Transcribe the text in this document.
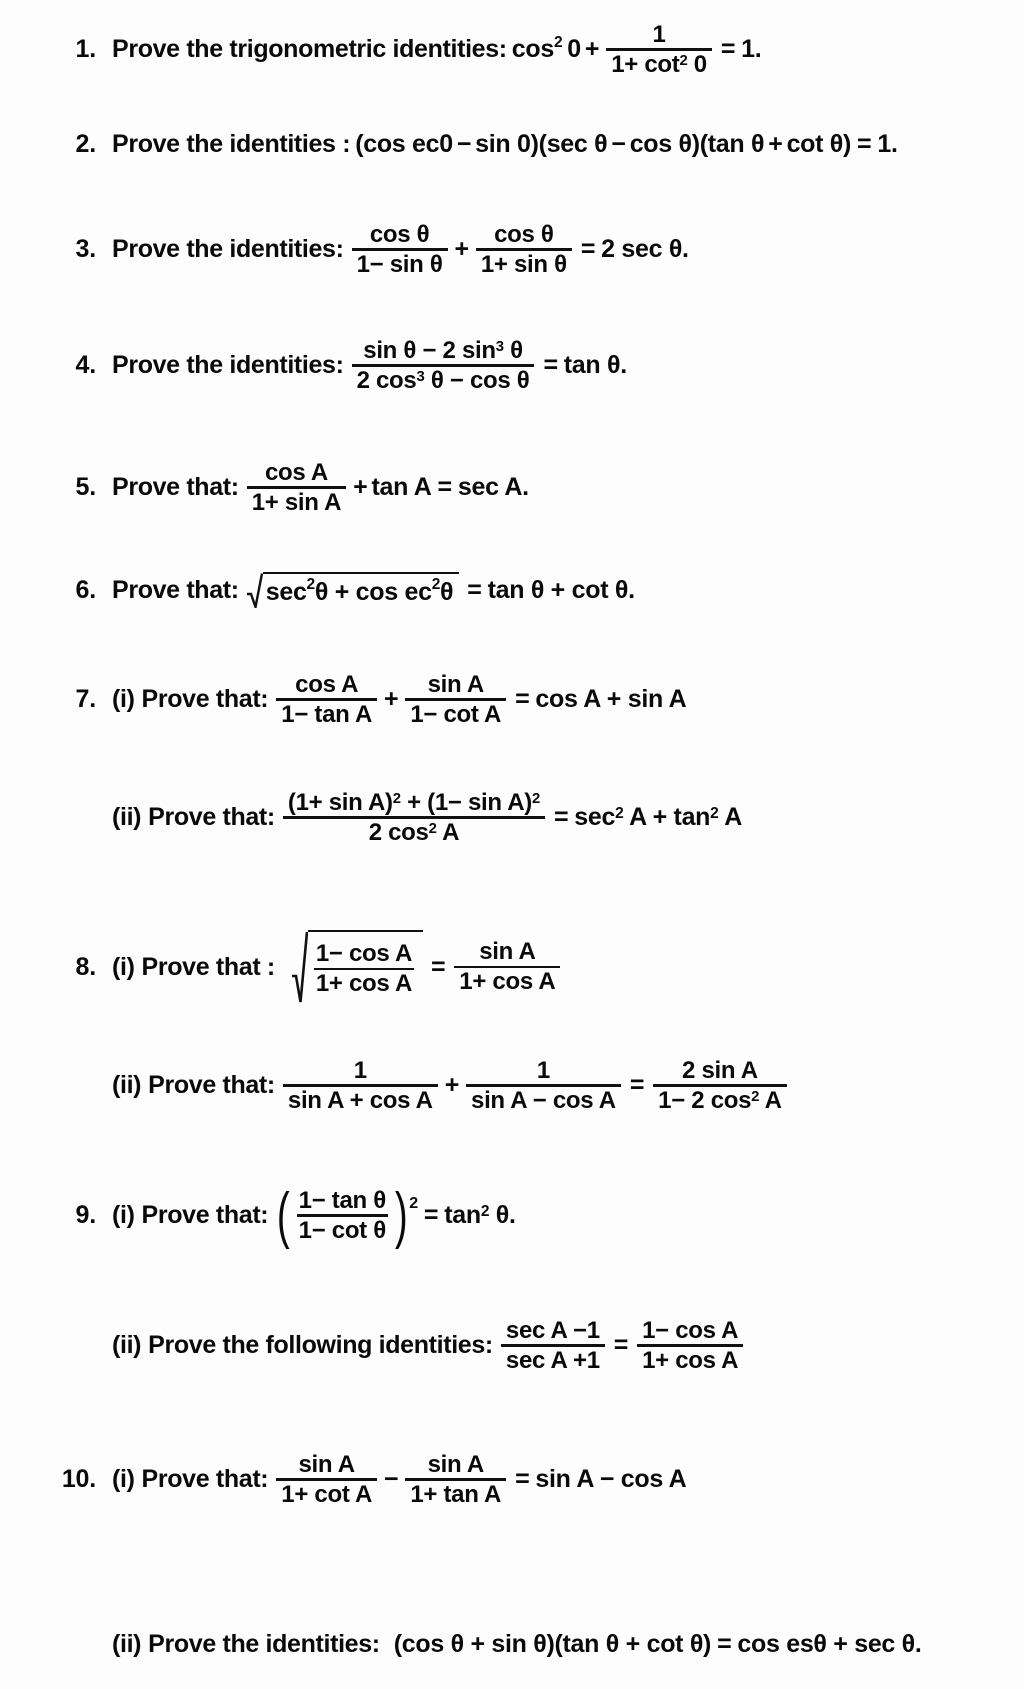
1. Prove the trigonometric identities: cos 2 $0 + \frac{1}{1+ \cot^2 0} = 1$.
2. Prove the identities : (cos ec0 − sin 0)(sec θ − cos θ)(tan θ + cot θ) = 1.
3. Prove the identities: $\frac{\text{cos θ}}{\text{1− sin θ}} + \frac{\text{cos θ}}{\text{1+ sin θ}} = 2$ sec θ.
4. Prove the identities: $\frac{\sin \theta - 2 \sin^3 \theta}{2 \cos^3 \theta - \cos \theta} = \tan \theta$.
5. Prove that: $\frac{\text{cos A}}{\text{1+ sin A}} + \tan A = \sec A$.
6. Prove that: sec 2 θ + cos ec 2 θ = tan θ + cot θ.
7. (i) Prove that: $\frac{\text{cos A}}{\text{1− tan A}} + \frac{\text{sin A}}{\text{1− cot A}} = \cos A + \sin A$
(ii) Prove that: $\frac{(1+ \sin A)^2 + (1- \sin A)^2}{2 \cos^2 A} = \sec^2 A + \tan^2 A$
8. (i) Prove that : $\frac{\text{1− cos A}}{\text{1+ cos A}} = \frac{\text{sin A}}{\text{1+ cos A}}$
(ii) Prove that: $\frac{1}{\text{sin A + cos A}} + \frac{1}{\text{sin A − cos A}} = \frac{\text{2 sin A}}{1- 2 \cos^2 A}$
9. (i) Prove that: ( $\frac{\text{1− tan θ}}{\text{1− cot θ}}$ ) $2 = \tan^2 \theta$.
(ii) Prove the following identities: $\frac{\text{sec A −1}}{\text{sec A +1}} = \frac{\text{1− cos A}}{\text{1+ cos A}}$
10. (i) Prove that: $\frac{\text{sin A}}{\text{1+ cot A}} - \frac{\text{sin A}}{\text{1+ tan A}} = \sin A - \cos A$
(ii) Prove the identities: (cos θ + sin θ)(tan θ + cot θ) = cos esθ + sec θ.
